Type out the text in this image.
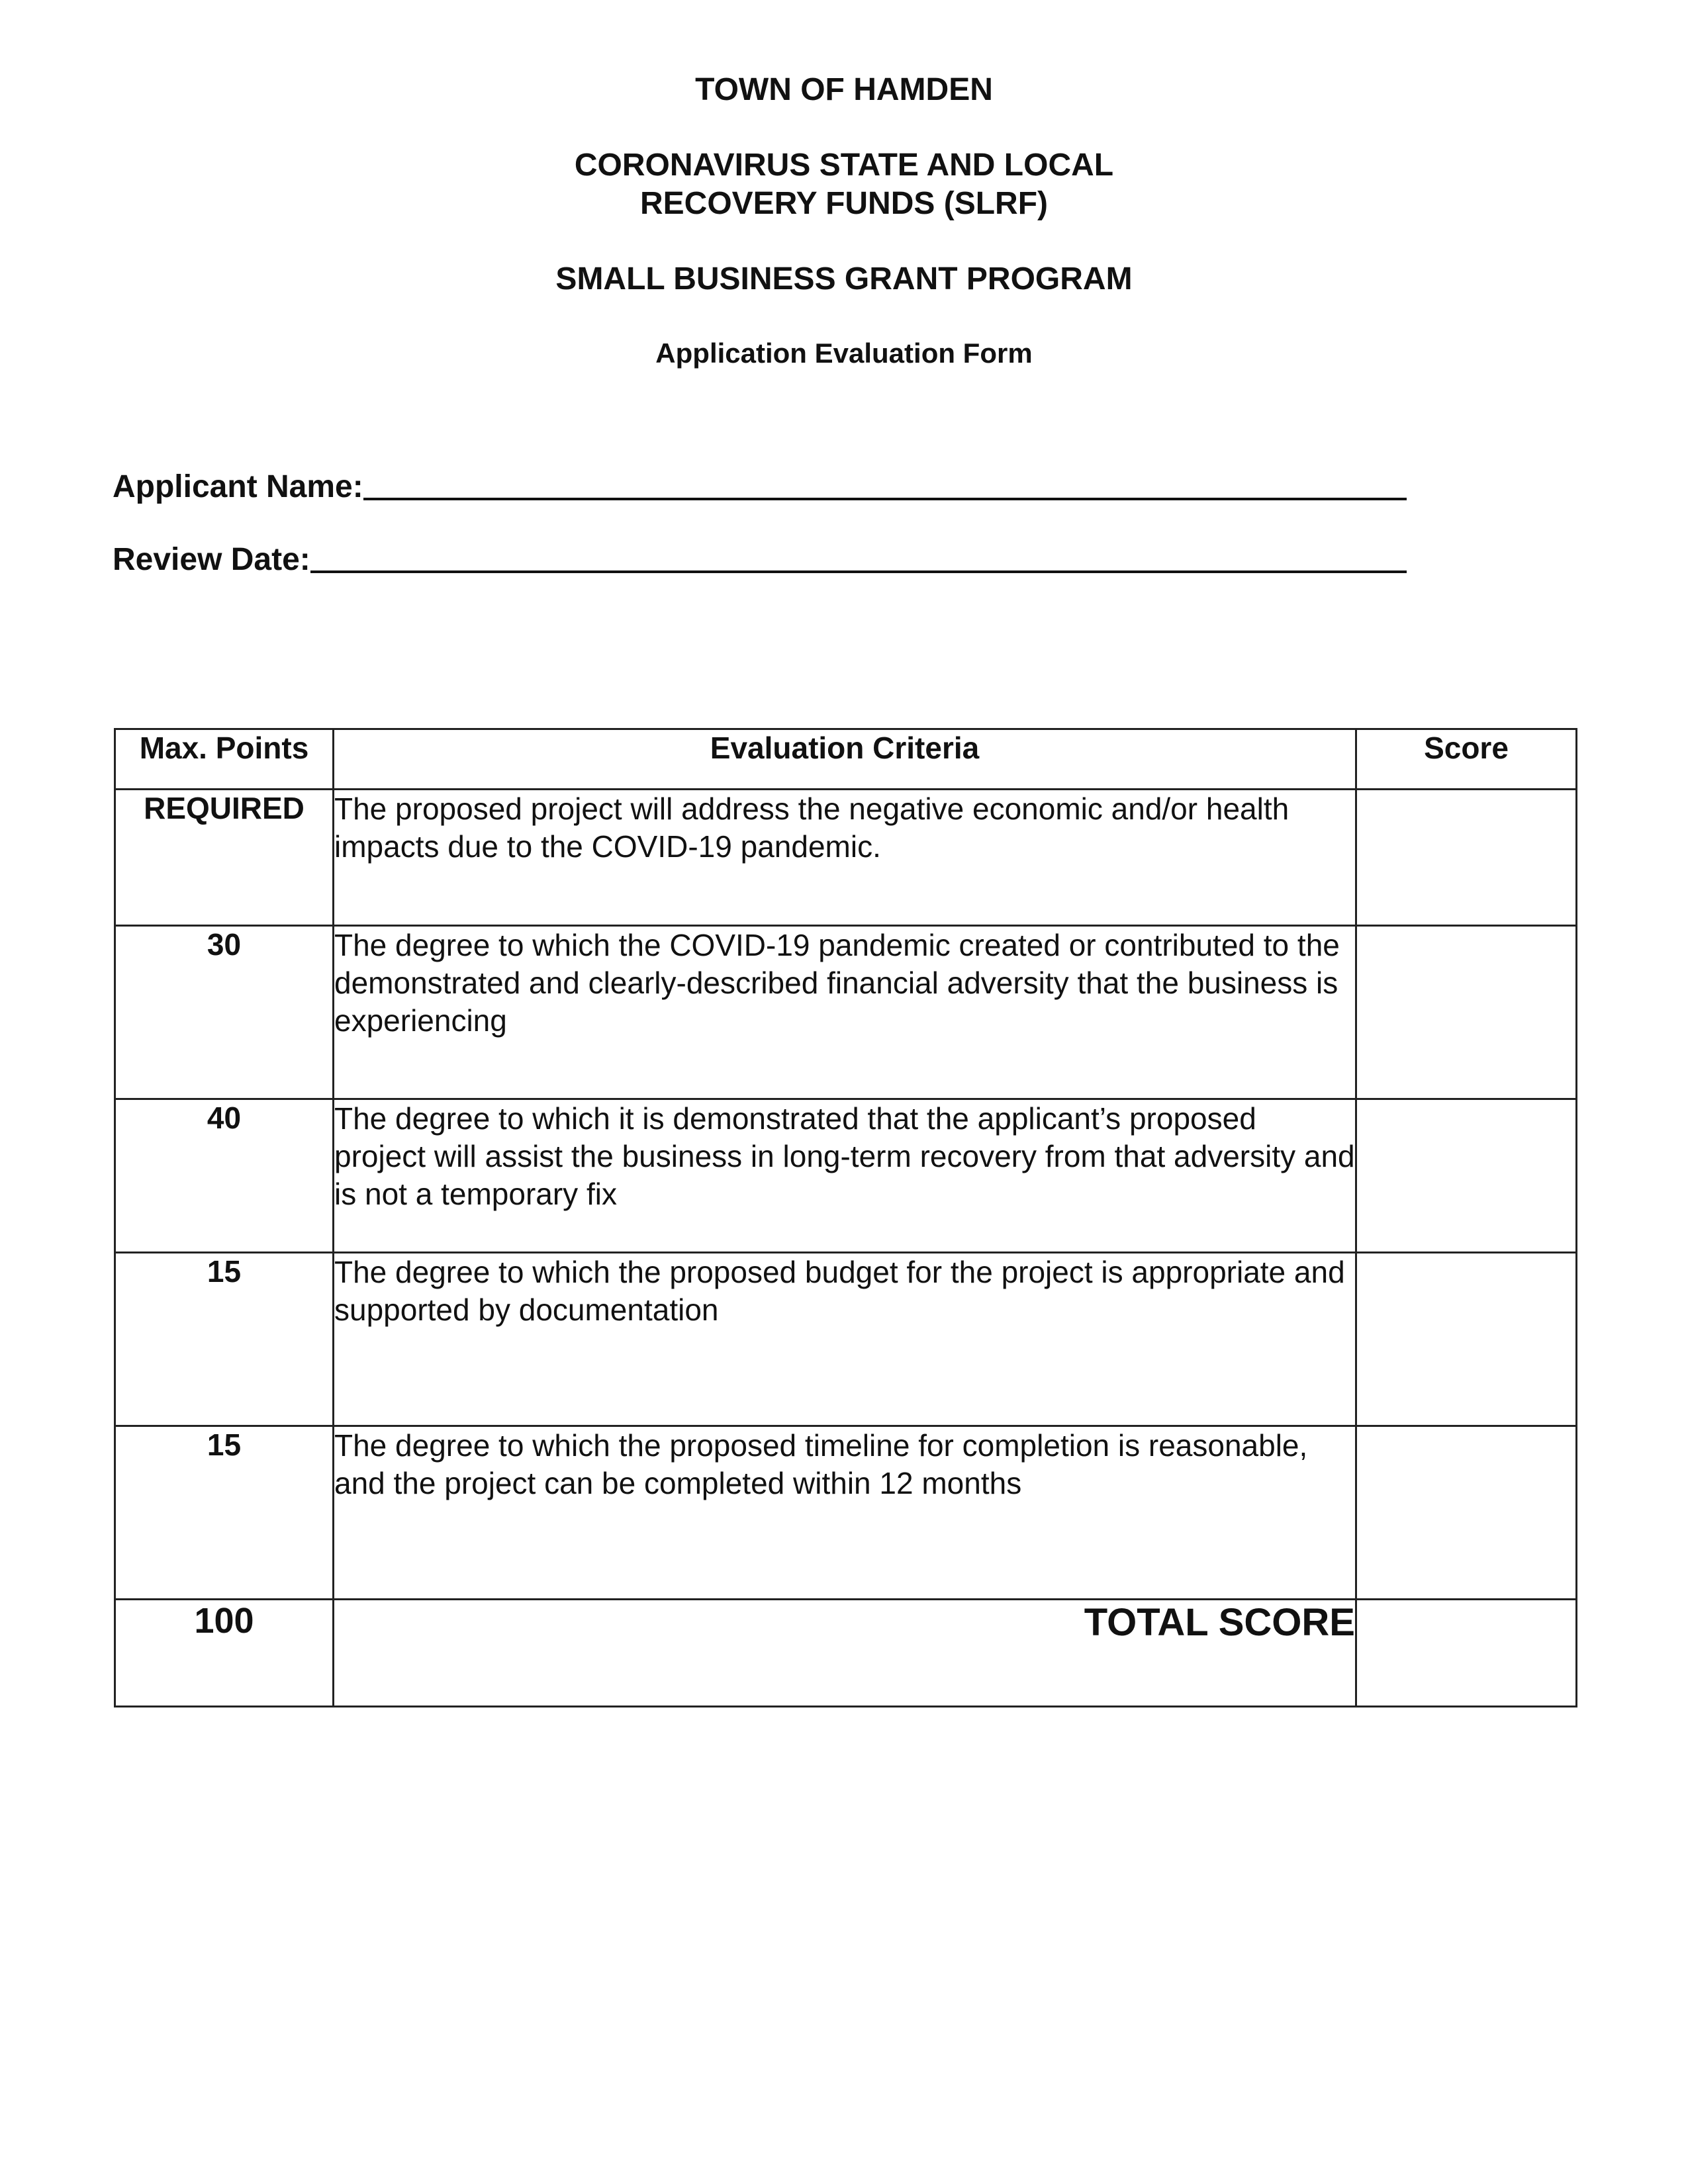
TOWN OF HAMDEN
CORONAVIRUS STATE AND LOCAL
RECOVERY FUNDS (SLRF)
SMALL BUSINESS GRANT PROGRAM
Application Evaluation Form
Applicant Name:
Review Date:
Max. Points	Evaluation Criteria	Score
REQUIRED	The proposed project will address the negative economic and/or health impacts due to the COVID-19 pandemic.	
30	The degree to which the COVID-19 pandemic created or contributed to the demonstrated and clearly-described financial adversity that the business is experiencing	
40	The degree to which it is demonstrated that the applicant’s proposed project will assist the business in long-term recovery from that adversity and is not a temporary fix	
15	The degree to which the proposed budget for the project is appropriate and supported by documentation	
15	The degree to which the proposed timeline for completion is reasonable, and the project can be completed within 12 months	
100	TOTAL SCORE	
